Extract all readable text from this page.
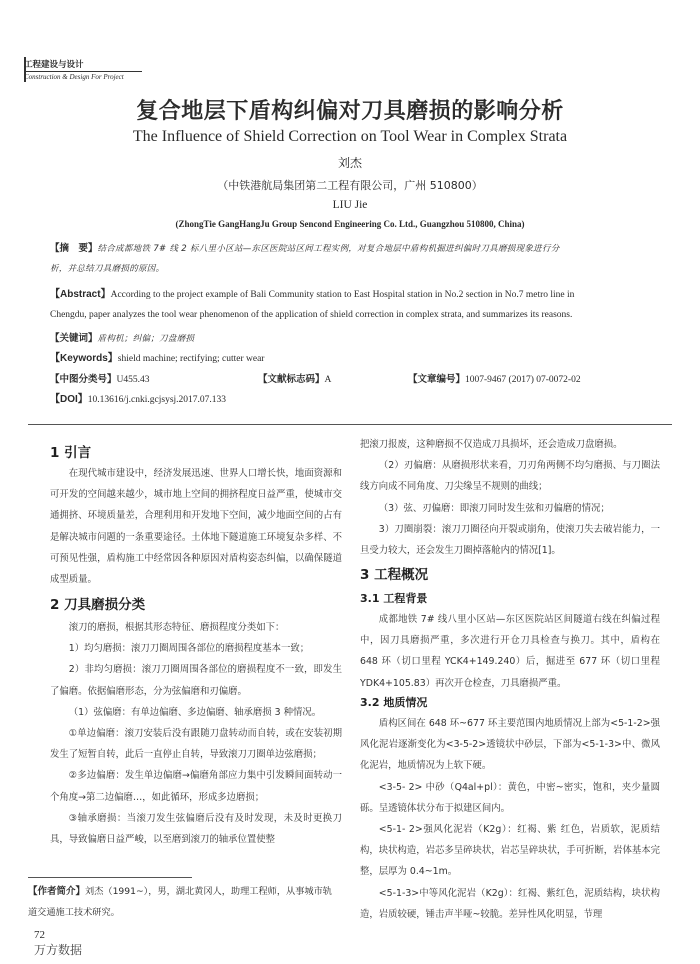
工程建设与设计
Construction & Design For Project
复合地层下盾构纠偏对刀具磨损的影响分析
The Influence of Shield Correction on Tool Wear in Complex Strata
刘杰
（中铁港航局集团第二工程有限公司，广州 510800）
LIU Jie
(ZhongTie GangHangJu Group Sencond Engineering Co. Ltd., Guangzhou 510800, China)
【摘　要】结合成都地铁 7# 线 2 标八里小区站—东区医院站区间工程实例，对复合地层中盾构机掘进纠偏时刀具磨损现象进行分
析，并总结刀具磨损的原因。
【Abstract】According to the project example of Bali Community station to East Hospital station in No.2 section in No.7 metro line in
Chengdu, paper analyzes the tool wear phenomenon of the application of shield correction in complex strata, and summarizes its reasons.
【关键词】盾构机；纠偏；刀盘磨损
【Keywords】shield machine; rectifying; cutter wear
【中图分类号】U455.43	【文献标志码】A	【文章编号】1007-9467 (2017) 07-0072-02
【DOI】10.13616/j.cnki.gcjsysj.2017.07.133
1 引言

在现代城市建设中，经济发展迅速、世界人口增长快，地面资源和可开发的空间越来越少，城市地上空间的拥挤程度日益严重，使城市交通拥挤、环境质量差，合理利用和开发地下空间，减少地面空间的占有是解决城市问题的一条重要途径。土体地下隧道施工环境复杂多样、不可预见性强，盾构施工中经常因各种原因对盾构姿态纠偏，以确保隧道成型质量。

2 刀具磨损分类

滚刀的磨损，根据其形态特征、磨损程度分类如下：

1）均匀磨损：滚刀刀圈周围各部位的磨损程度基本一致；

2）非均匀磨损：滚刀刀圈周围各部位的磨损程度不一致，即发生了偏磨。依据偏磨形态，分为弦偏磨和刃偏磨。

（1）弦偏磨：有单边偏磨、多边偏磨、轴承磨损 3 种情况。

①单边偏磨：滚刀安装后没有跟随刀盘转动而自转，或在安装初期发生了短暂自转，此后一直停止自转，导致滚刀刀圈单边弦磨损；

②多边偏磨：发生单边偏磨→偏磨角部应力集中引发瞬间面转动一个角度→第二边偏磨…，如此循环，形成多边磨损；

③轴承磨损：当滚刀发生弦偏磨后没有及时发现，未及时更换刀具，导致偏磨日益严峻，以至磨到滚刀的轴承位置使整

【作者简介】刘杰（1991~），男，湖北黄冈人，助理工程师，从事城市轨道交通施工技术研究。

把滚刀报废，这种磨损不仅造成刀具损坏，还会造成刀盘磨损。

（2）刃偏磨：从磨损形状来看，刀刃角两侧不均匀磨损、与刀圈法线方向成不同角度、刀尖缘呈不规则的曲线；

（3）弦、刃偏磨：即滚刀同时发生弦和刃偏磨的情况；

3）刀圈崩裂：滚刀刀圈径向开裂或崩角，使滚刀失去破岩能力，一旦受力较大，还会发生刀圈掉落舱内的情况[1]。

3 工程概况
3.1 工程背景

成都地铁 7# 线八里小区站—东区医院站区间隧道右线在纠偏过程中，因刀具磨损严重，多次进行开仓刀具检查与换刀。其中，盾构在 648 环（切口里程 YCK4+149.240）后，掘进至 677 环（切口里程 YDK4+105.83）再次开仓检查，刀具磨损严重。

3.2 地质情况

盾构区间在 648 环~677 环主要范围内地质情况上部为<5-1-2>强风化泥岩逐渐变化为<3-5-2>透镜状中砂层，下部为<5-1-3>中、微风化泥岩，地质情况为上软下硬。

<3-5- 2> 中砂（Q4al+pl）：黄色，中密~密实，饱和，夹少量圆砾。呈透镜体状分布于拟建区间内。

<5-1- 2>强风化泥岩（K2g）：红褐、紫 红色，岩质软，泥质结构，块状构造，岩芯多呈碎块状，岩芯呈碎块状，手可折断，岩体基本完整，层厚为 0.4~1m。

<5-1-3>中等风化泥岩（K2g）：红褐、紫红色，泥质结构，块状构造，岩质较硬，锤击声半哑~较脆。差异性风化明显，节理

72
万方数据
